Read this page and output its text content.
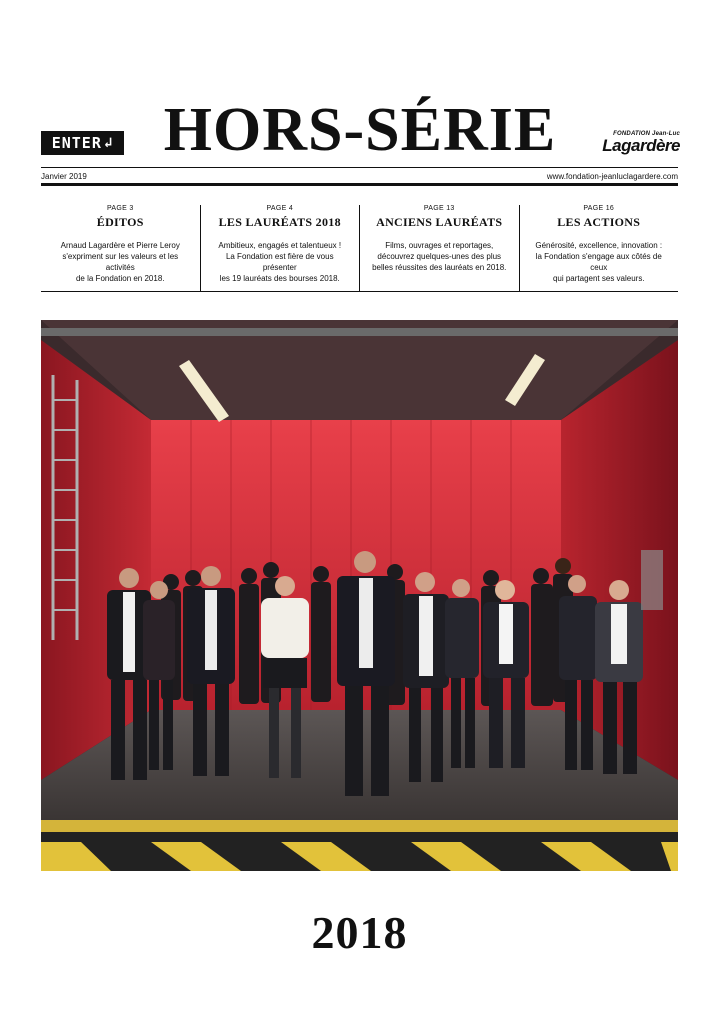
ENTER ↲ HORS-SÉRIE	FONDATION Jean-Luc
Lagardère
Janvier 2019	www.fondation-jeanluclagardere.com
PAGE 3
ÉDITOS
Arnaud Lagardère et Pierre Leroy
s'expriment sur les valeurs et les activités
de la Fondation en 2018.
PAGE 4
LES LAURÉATS 2018
Ambitieux, engagés et talentueux !
La Fondation est fière de vous présenter
les 19 lauréats des bourses 2018.
PAGE 13
ANCIENS LAURÉATS
Films, ouvrages et reportages,
découvrez quelques-unes des plus
belles réussites des lauréats en 2018.
PAGE 16
LES ACTIONS
Générosité, excellence, innovation :
la Fondation s'engage aux côtés de ceux
qui partagent ses valeurs.
2018
